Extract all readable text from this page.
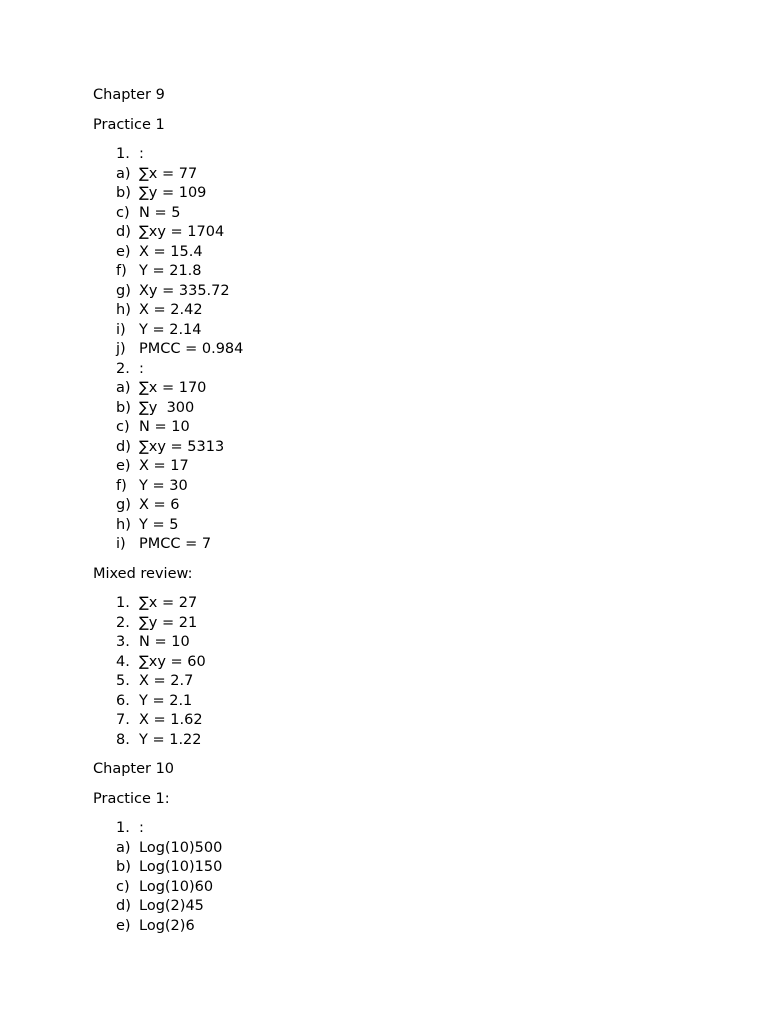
Chapter 9
Practice 1
1. :
a) ∑x = 77
b) ∑y = 109
c) N = 5
d) ∑xy = 1704
e) X = 15.4
f) Y = 21.8
g) Xy = 335.72
h) X = 2.42
i) Y = 2.14
j) PMCC = 0.984
2. :
a) ∑x = 170
b) ∑y  300
c) N = 10
d) ∑xy = 5313
e) X = 17
f) Y = 30
g) X = 6
h) Y = 5
i) PMCC = 7
Mixed review:
1. ∑x = 27
2. ∑y = 21
3. N = 10
4. ∑xy = 60
5. X = 2.7
6. Y = 2.1
7. X = 1.62
8. Y = 1.22
Chapter 10
Practice 1:
1. :
a) Log(10)500
b) Log(10)150
c) Log(10)60
d) Log(2)45
e) Log(2)6
